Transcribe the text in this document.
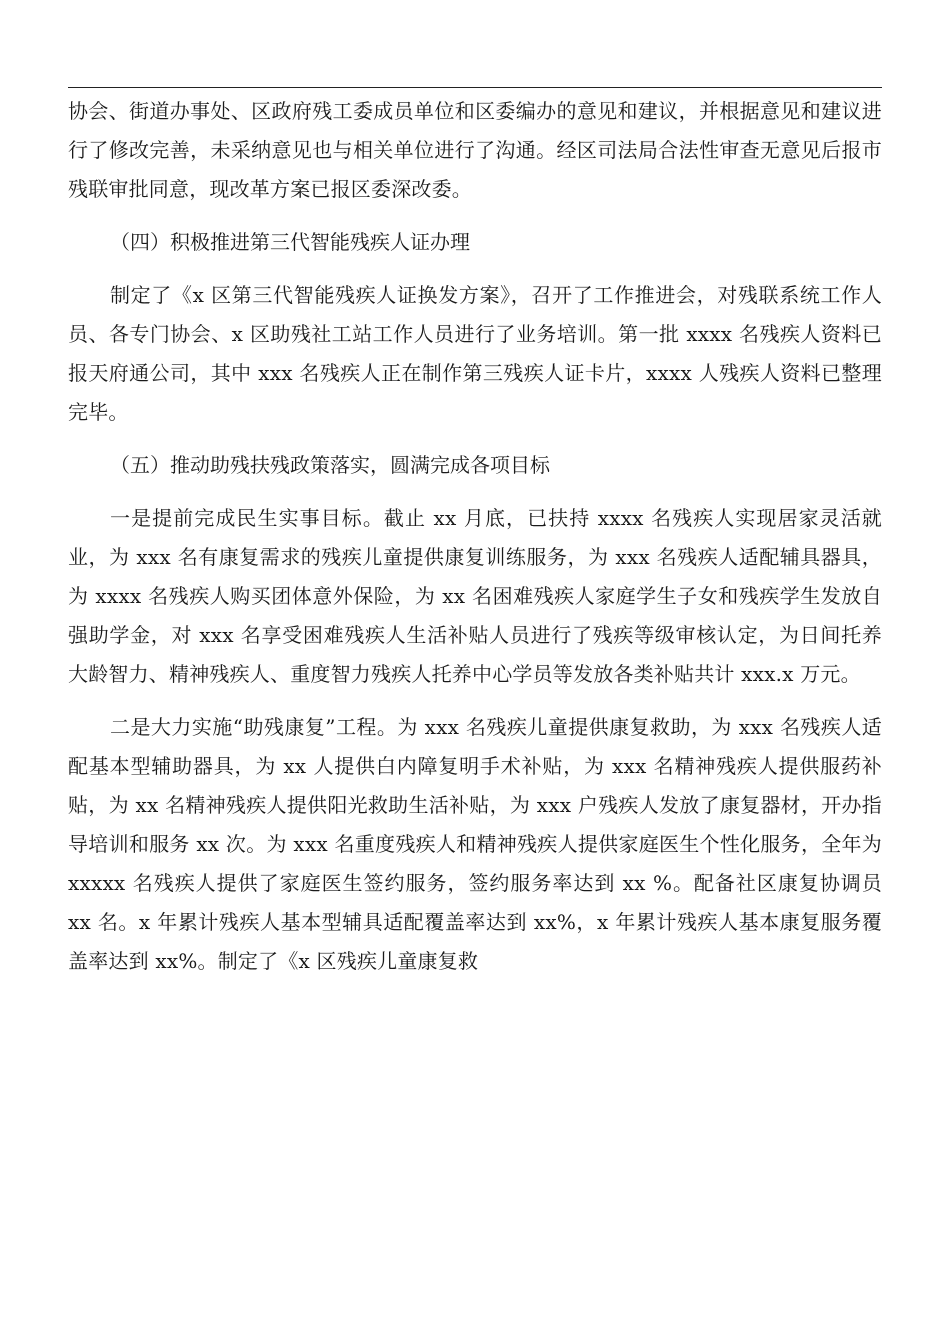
协会、街道办事处、区政府残工委成员单位和区委编办的意见和建议，并根据意见和建议进行了修改完善，未采纳意见也与相关单位进行了沟通。经区司法局合法性审查无意见后报市残联审批同意，现改革方案已报区委深改委。

（四）积极推进第三代智能残疾人证办理

制定了《x 区第三代智能残疾人证换发方案》，召开了工作推进会，对残联系统工作人员、各专门协会、x 区助残社工站工作人员进行了业务培训。第一批 xxxx 名残疾人资料已报天府通公司，其中 xxx 名残疾人正在制作第三残疾人证卡片，xxxx 人残疾人资料已整理完毕。

（五）推动助残扶残政策落实，圆满完成各项目标

一是提前完成民生实事目标。截止 xx 月底，已扶持 xxxx 名残疾人实现居家灵活就业，为 xxx 名有康复需求的残疾儿童提供康复训练服务，为 xxx 名残疾人适配辅具器具，为 xxxx 名残疾人购买团体意外保险，为 xx 名困难残疾人家庭学生子女和残疾学生发放自强助学金，对 xxx 名享受困难残疾人生活补贴人员进行了残疾等级审核认定，为日间托养大龄智力、精神残疾人、重度智力残疾人托养中心学员等发放各类补贴共计 xxx.x 万元。

二是大力实施“助残康复”工程。为 xxx 名残疾儿童提供康复救助，为 xxx 名残疾人适配基本型辅助器具，为 xx 人提供白内障复明手术补贴，为 xxx 名精神残疾人提供服药补贴，为 xx 名精神残疾人提供阳光救助生活补贴，为 xxx 户残疾人发放了康复器材，开办指导培训和服务 xx 次。为 xxx 名重度残疾人和精神残疾人提供家庭医生个性化服务，全年为 xxxxx 名残疾人提供了家庭医生签约服务，签约服务率达到 xx %。配备社区康复协调员 xx 名。x 年累计残疾人基本型辅具适配覆盖率达到 xx%，x 年累计残疾人基本康复服务覆盖率达到 xx%。制定了《x 区残疾儿童康复救
